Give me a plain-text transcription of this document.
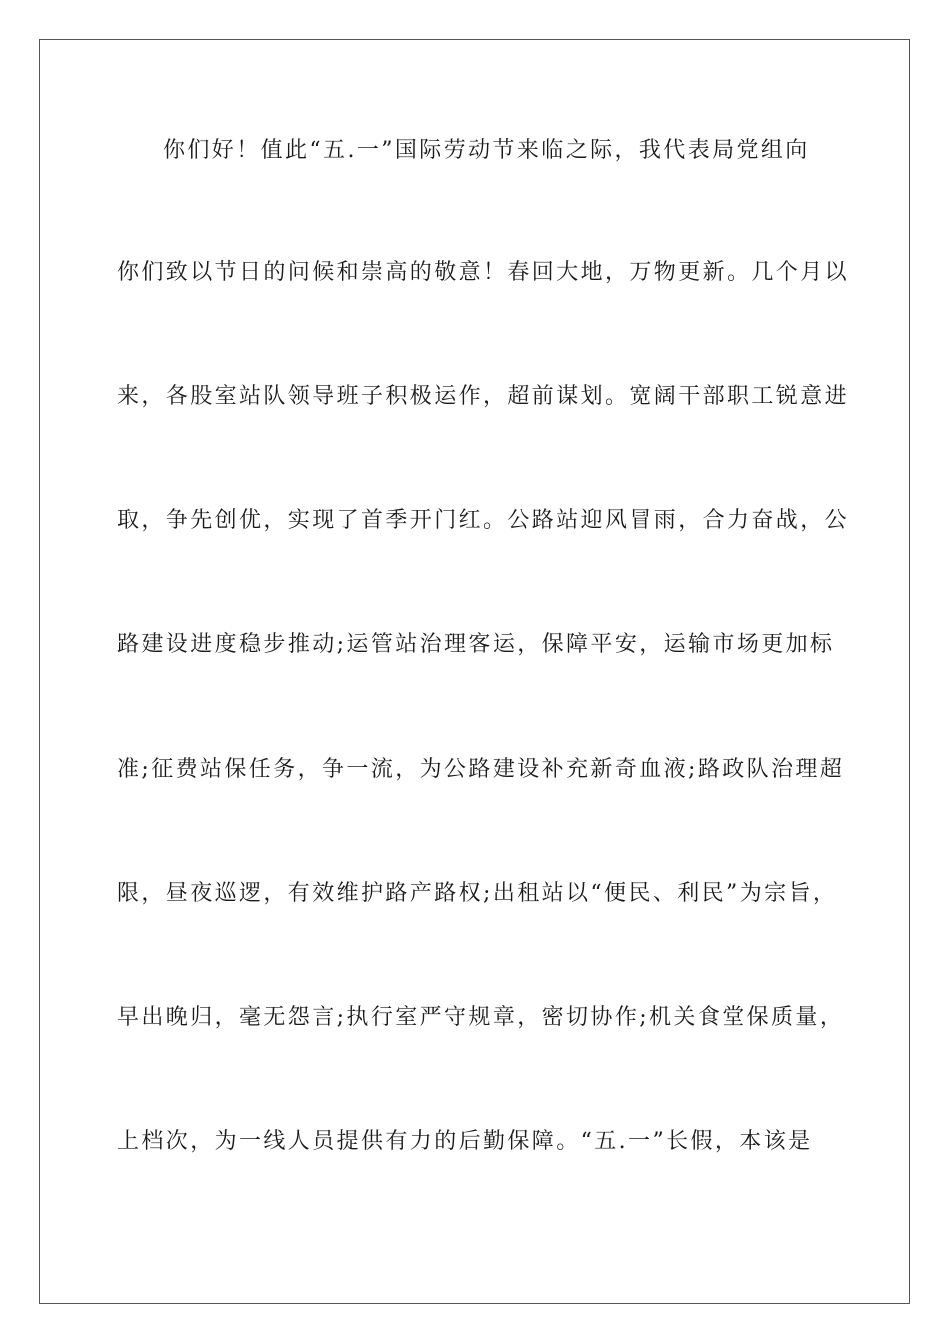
你们好！值此“五.一”国际劳动节来临之际，我代表局党组向
你们致以节日的问候和崇高的敬意！春回大地，万物更新。几个月以
来，各股室站队领导班子积极运作，超前谋划。宽阔干部职工锐意进
取，争先创优，实现了首季开门红。公路站迎风冒雨，合力奋战，公
路建设进度稳步推动;运管站治理客运，保障平安，运输市场更加标
准;征费站保任务，争一流，为公路建设补充新奇血液;路政队治理超
限，昼夜巡逻，有效维护路产路权;出租站以“便民、利民”为宗旨，
早出晚归，毫无怨言;执行室严守规章，密切协作;机关食堂保质量，
上档次，为一线人员提供有力的后勤保障。“五.一”长假，本该是
